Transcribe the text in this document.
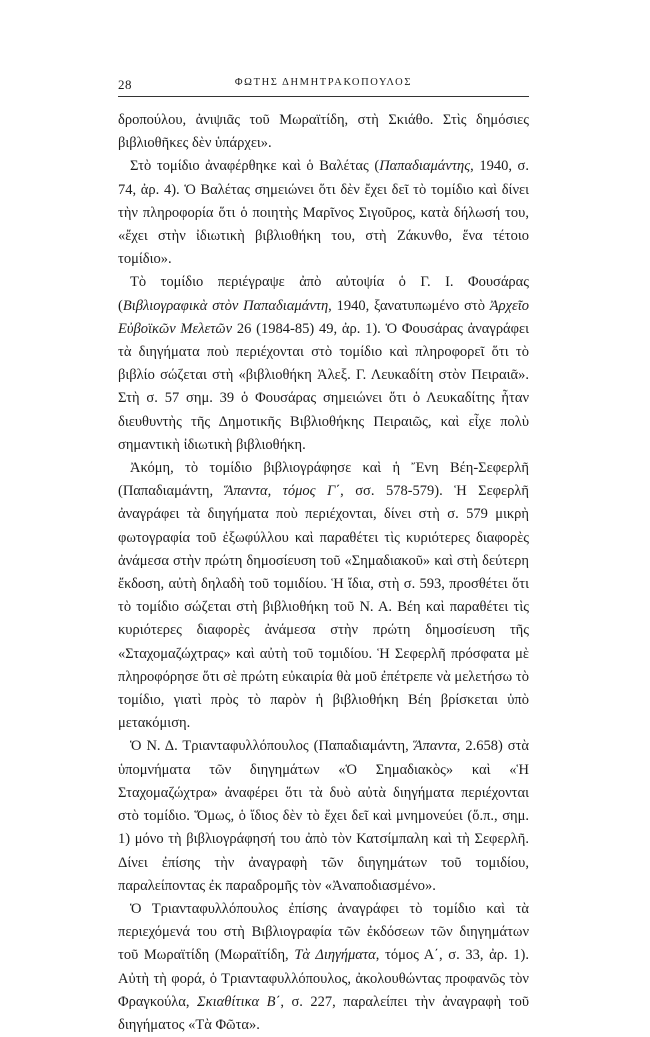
28	ΦΩΤΗΣ ΔΗΜΗΤΡΑΚΟΠΟΥΛΟΣ

δροπούλου, ἀνιψιᾶς τοῦ Μωραϊτίδη, στὴ Σκιάθο. Στὶς δημόσιες βιβλιοθῆκες δὲν ὑπάρχει».

Στὸ τομίδιο ἀναφέρθηκε καὶ ὁ Βαλέτας (Παπαδιαμάντης, 1940, σ. 74, ἀρ. 4). Ὁ Βαλέτας σημειώνει ὅτι δὲν ἔχει δεῖ τὸ τομίδιο καὶ δίνει τὴν πληροφορία ὅτι ὁ ποιητὴς Μαρῖνος Σιγοῦρος, κατὰ δήλωσή του, «ἔχει στὴν ἰδιωτικὴ βιβλιοθήκη του, στὴ Ζάκυνθο, ἕνα τέτοιο τομίδιο».

Τὸ τομίδιο περιέγραψε ἀπὸ αὐτοψία ὁ Γ. Ι. Φουσάρας (Βιβλιογραφικὰ στὸν Παπαδιαμάντη, 1940, ξανατυπωμένο στὸ Ἀρχεῖο Εὐβοϊκῶν Μελετῶν 26 (1984-85) 49, ἀρ. 1). Ὁ Φουσάρας ἀναγράφει τὰ διηγήματα ποὺ περιέχονται στὸ τομίδιο καὶ πληροφορεῖ ὅτι τὸ βιβλίο σώζεται στὴ «βιβλιοθήκη Ἀλεξ. Γ. Λευκαδίτη στὸν Πειραιᾶ». Στὴ σ. 57 σημ. 39 ὁ Φουσάρας σημειώνει ὅτι ὁ Λευκαδίτης ἦταν διευθυντὴς τῆς Δημοτικῆς Βιβλιοθήκης Πειραιῶς, καὶ εἶχε πολὺ σημαντικὴ ἰδιωτικὴ βιβλιοθήκη.

Ἀκόμη, τὸ τομίδιο βιβλιογράφησε καὶ ἡ Ἔνη Βέη-Σεφερλῆ (Παπαδιαμάντη, Ἅπαντα, τόμος Γ΄, σσ. 578-579). Ἡ Σεφερλῆ ἀναγράφει τὰ διηγήματα ποὺ περιέχονται, δίνει στὴ σ. 579 μικρὴ φωτογραφία τοῦ ἐξωφύλλου καὶ παραθέτει τὶς κυριότερες διαφορὲς ἀνάμεσα στὴν πρώτη δημοσίευση τοῦ «Σημαδιακοῦ» καὶ στὴ δεύτερη ἔκδοση, αὐτὴ δηλαδὴ τοῦ τομιδίου. Ἡ ἴδια, στὴ σ. 593, προσθέτει ὅτι τὸ τομίδιο σώζεται στὴ βιβλιοθήκη τοῦ Ν. Α. Βέη καὶ παραθέτει τὶς κυριότερες διαφορὲς ἀνάμεσα στὴν πρώτη δημοσίευση τῆς «Σταχομαζώχτρας» καὶ αὐτὴ τοῦ τομιδίου. Ἡ Σεφερλῆ πρόσφατα μὲ πληροφόρησε ὅτι σὲ πρώτη εὐκαιρία θὰ μοῦ ἐπέτρεπε νὰ μελετήσω τὸ τομίδιο, γιατὶ πρὸς τὸ παρὸν ἡ βιβλιοθήκη Βέη βρίσκεται ὑπὸ μετακόμιση.

Ὁ Ν. Δ. Τριανταφυλλόπουλος (Παπαδιαμάντη, Ἅπαντα, 2.658) στὰ ὑπομνήματα τῶν διηγημάτων «Ὁ Σημαδιακὸς» καὶ «Ἡ Σταχομαζώχτρα» ἀναφέρει ὅτι τὰ δυὸ αὐτὰ διηγήματα περιέχονται στὸ τομίδιο. Ὅμως, ὁ ἴδιος δὲν τὸ ἔχει δεῖ καὶ μνημονεύει (ὅ.π., σημ. 1) μόνο τὴ βιβλιογράφησή του ἀπὸ τὸν Κατσίμπαλη καὶ τὴ Σεφερλῆ. Δίνει ἐπίσης τὴν ἀναγραφὴ τῶν διηγημάτων τοῦ τομιδίου, παραλείποντας ἐκ παραδρομῆς τὸν «Ἀναποδιασμένο».

Ὁ Τριανταφυλλόπουλος ἐπίσης ἀναγράφει τὸ τομίδιο καὶ τὰ περιεχόμενά του στὴ Βιβλιογραφία τῶν ἐκδόσεων τῶν διηγημάτων τοῦ Μωραϊτίδη (Μωραϊτίδη, Τὰ Διηγήματα, τόμος Α΄, σ. 33, ἀρ. 1). Αὐτὴ τὴ φορά, ὁ Τριανταφυλλόπουλος, ἀκολουθώντας προφανῶς τὸν Φραγκούλα, Σκιαθίτικα Β΄, σ. 227, παραλείπει τὴν ἀναγραφὴ τοῦ διηγήματος «Τὰ Φῶτα».
